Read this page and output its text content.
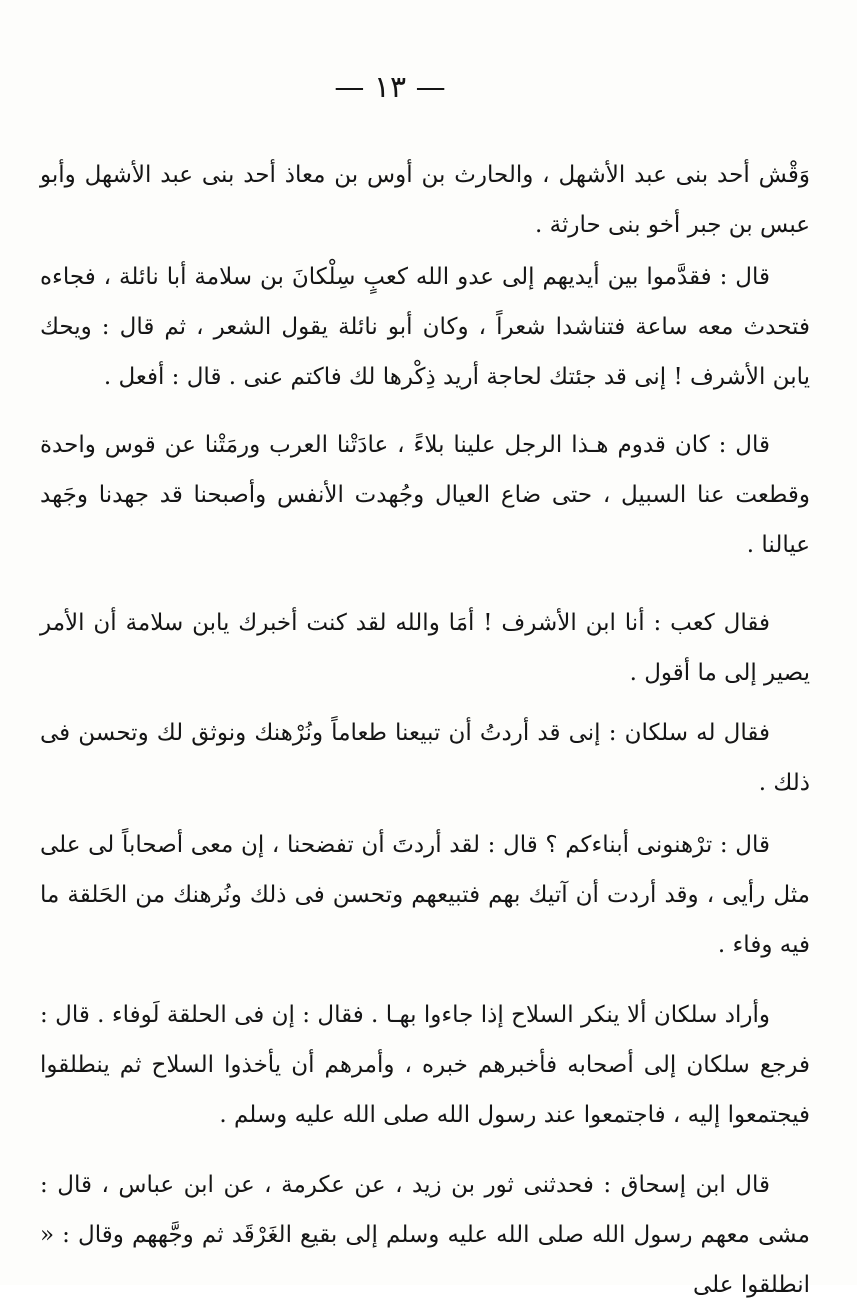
— ١٣ —

وَقْش أحد بنى عبد الأشهل ، والحارث بن أوس بن معاذ أحد بنى عبد الأشهل وأبو عبس بن جبر أخو بنى حارثة .

قال : فقدَّموا بين أيديهم إلى عدو الله كعبٍ سِلْكانَ بن سلامة أبا نائلة ، فجاءه فتحدث معه ساعة فتناشدا شعراً ، وكان أبو نائلة يقول الشعر ، ثم قال : ويحك يابن الأشرف ! إنى قد جئتك لحاجة أريد ذِكْرها لك فاكتم عنى . قال : أفعل .

قال : كان قدوم هـذا الرجل علينا بلاءً ، عادَتْنا العرب ورمَتْنا عن قوس واحدة وقطعت عنا السبيل ، حتى ضاع العيال وجُهدت الأنفس وأصبحنا قد جهدنا وجَهد عيالنا .

فقال كعب : أنا ابن الأشرف ! أمَا والله لقد كنت أخبرك يابن سلامة أن الأمر يصير إلى ما أقول .

فقال له سلكان : إنى قد أردتُ أن تبيعنا طعاماً ونُرْهنك ونوثق لك وتحسن فى ذلك .

قال : ترْهنونى أبناءكم ؟ قال : لقد أردتَ أن تفضحنا ، إن معى أصحاباً لى على مثل رأيى ، وقد أردت أن آتيك بهم فتبيعهم وتحسن فى ذلك ونُرهنك من الحَلقة ما فيه وفاء .

وأراد سلكان ألا ينكر السلاح إذا جاءوا بهـا . فقال : إن فى الحلقة لَوفاء . قال : فرجع سلكان إلى أصحابه فأخبرهم خبره ، وأمرهم أن يأخذوا السلاح ثم ينطلقوا فيجتمعوا إليه ، فاجتمعوا عند رسول الله صلى الله عليه وسلم .

قال ابن إسحاق : فحدثنى ثور بن زيد ، عن عكرمة ، عن ابن عباس ، قال : مشى معهم رسول الله صلى الله عليه وسلم إلى بقيع الغَرْقَد ثم وجَّههم وقال : « انطلقوا على
